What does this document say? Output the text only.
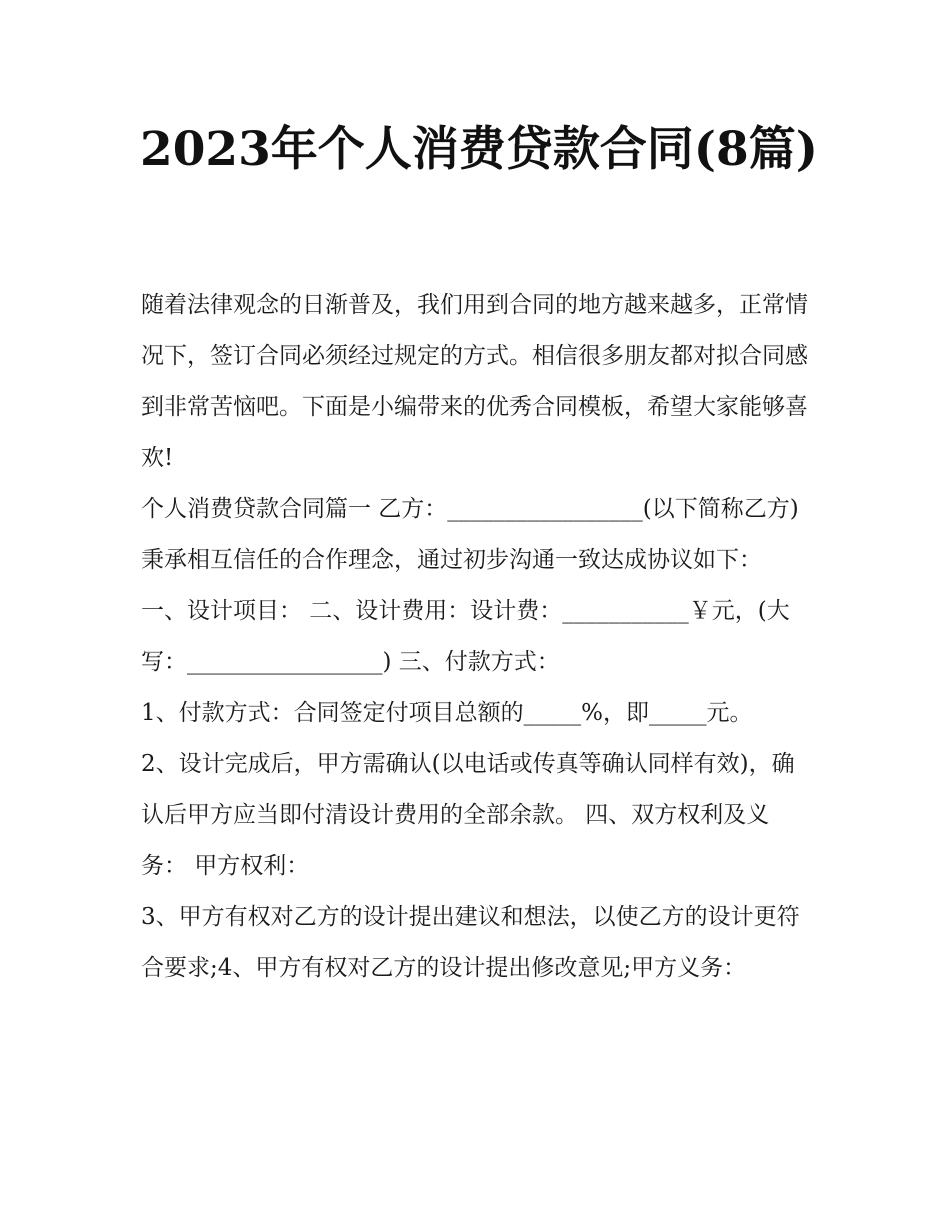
2023年个人消费贷款合同(8篇)

随着法律观念的日渐普及，我们用到合同的地方越来越多，正常情况下，签订合同必须经过规定的方式。相信很多朋友都对拟合同感到非常苦恼吧。下面是小编带来的优秀合同模板，希望大家能够喜欢!

个人消费贷款合同篇一 乙方：_________________(以下简称乙方) 秉承相互信任的合作理念，通过初步沟通一致达成协议如下：

一、设计项目： 二、设计费用：设计费：___________￥元，(大写：_________________) 三、付款方式：

1、付款方式：合同签定付项目总额的_____%，即_____元。

2、设计完成后，甲方需确认(以电话或传真等确认同样有效)，确认后甲方应当即付清设计费用的全部余款。 四、双方权利及义务： 甲方权利：

3、甲方有权对乙方的设计提出建议和想法，以使乙方的设计更符合要求;4、甲方有权对乙方的设计提出修改意见;甲方义务：
